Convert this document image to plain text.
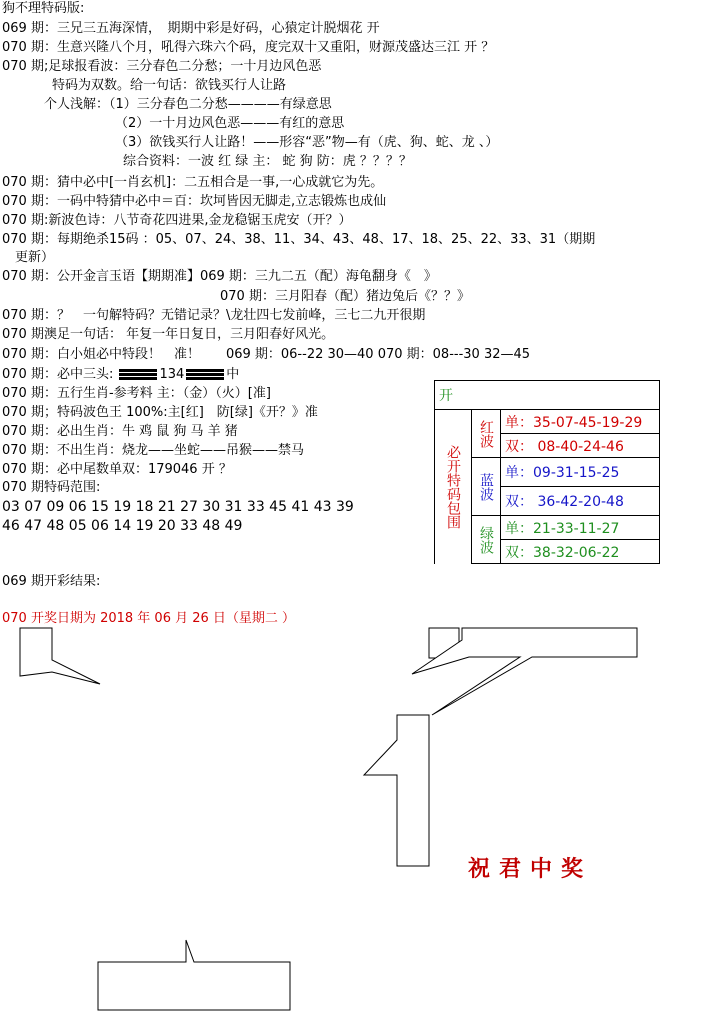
狗不理特码版:
069 期：三兄三五海深情，　期期中彩是好码，心猿定计脱烟花 开
070 期：生意兴隆八个月，吼得六珠六个码，度完双十又重阳，财源茂盛达三江 开 ？
070 期;足球报看波：三分春色二分愁；一十月边风色恶
特码为双数。给一句话：欲钱买行人让路
个人浅解：（1）三分春色二分愁————有绿意思
（2）一十月边风色恶———有红的意思
（3）欲钱买行人让路！——形容“恶”物—有（虎、狗、蛇、龙 、）
综合资料：一波 红 绿 主： 蛇 狗 防：虎 ？？？？
070 期：猜中必中[一肖玄机]：二五相合是一事,一心成就它为先。
070 期：一码中特猜中必中＝百：坎坷皆因无脚走,立志锻炼也成仙
070 期:新波色诗：八节奇花四进果,金龙稳锯玉虎安（开？）
070 期：每期绝杀15码 ：05、07、24、38、11、34、43、48、17、18、25、22、33、31（期期
更新）
070 期：公开金言玉语【期期准】069 期：三九二五（配）海龟翻身《　》
070 期：三月阳春（配）猪边兔后《？？》
070 期：？　一句解特码？无错记录？\龙壮四七发前峰，三七二九开很期
070 期澳足一句话： 年复一年日复日，三月阳春好风光。
070 期：白小姐必中特段！　准！　　069 期：06--22 30—40 070 期：08---30 32—45
070 期：必中三头:	134	中
070 期：五行生肖-参考料 主：（金）（火）[准]
070 期；特码波色王 100%:主[红]　防[绿]《开？》准
070 期：必出生肖：牛 鸡 鼠 狗 马 羊 猪
070 期：不出生肖：烧龙——坐蛇——吊猴——禁马
070 期：必中尾数单双：179046 开 ？
070 期特码范围:
03 07 09 06 15 19 18 21 27 30 31 33 45 41 43 39
46 47 48 05 06 14 19 20 33 48 49
开		
必开特码包围	红波	单：35-07-45-19-29
		双： 08-40-24-46
	蓝波	单：09-31-15-25
		双： 36-42-20-48
	绿波	单：21-33-11-27
		双：38-32-06-22
069 期开彩结果:
070 开奖日期为 2018 年 06 月 26 日（星期二 ）
祝君中奖
